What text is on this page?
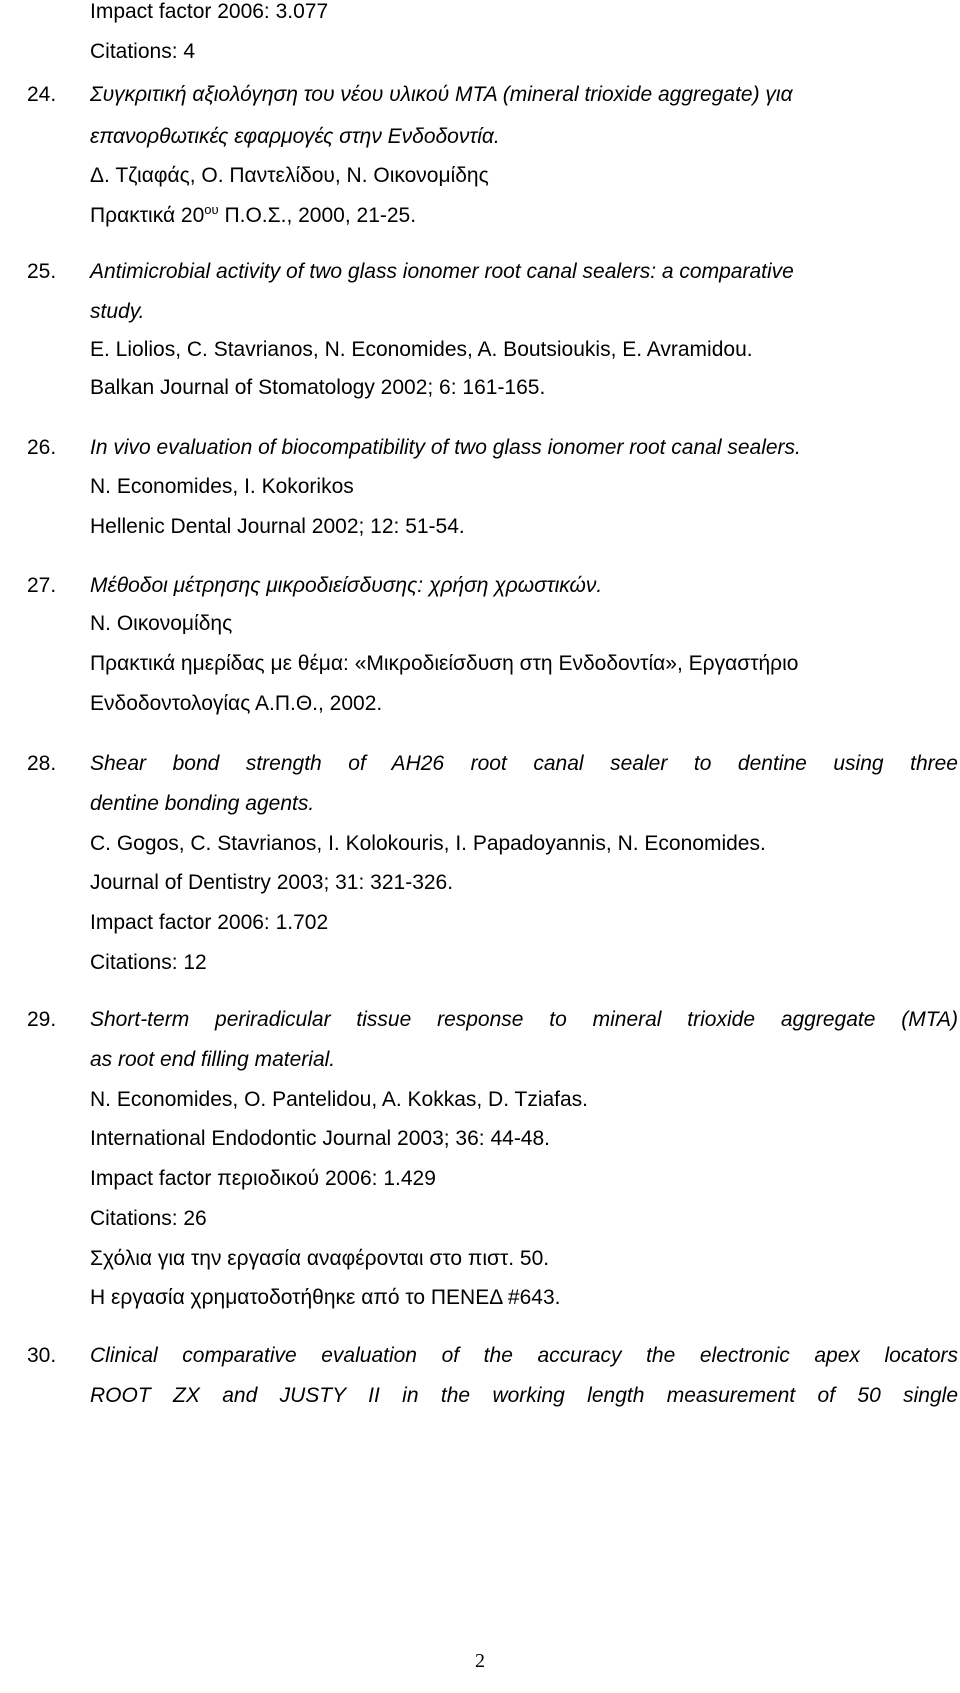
Impact factor 2006: 3.077
Citations: 4
24. Συγκριτική αξιολόγηση του νέου υλικού MTA (mineral trioxide aggregate) για
επανορθωτικές εφαρμογές στην Ενδοδοντία.
Δ. Τζιαφάς, Ο. Παντελίδου, Ν. Οικονομίδης
Πρακτικά $20^{o\upsilon}$ Π.Ο.Σ., 2000, 21-25.
25. Antimicrobial activity of two glass ionomer root canal sealers: a comparative
study.
E. Liolios, C. Stavrianos, N. Economides, A. Boutsioukis, E. Avramidou.
Balkan Journal of Stomatology 2002; 6: 161-165.
26. In vivo evaluation of biocompatibility of two glass ionomer root canal sealers.
N. Economides, I. Kokorikos
Hellenic Dental Journal 2002; 12: 51-54.
27. Μέθοδοι μέτρησης μικροδιείσδυσης: χρήση χρωστικών.
Ν. Οικονομίδης
Πρακτικά ημερίδας με θέμα: «Μικροδιείσδυση στη Ενδοδοντία», Εργαστήριο
Ενδοδοντολογίας Α.Π.Θ., 2002.
28. Shear bond strength of AH26 root canal sealer to dentine using three
dentine bonding agents.
C. Gogos, C. Stavrianos, I. Kolokouris, I. Papadoyannis, N. Economides.
Journal of Dentistry 2003; 31: 321-326.
Impact factor 2006: 1.702
Citations: 12
29. Short-term periradicular tissue response to mineral trioxide aggregate (MTA)
as root end filling material.
N. Economides, O. Pantelidou, A. Kokkas, D. Tziafas.
International Endodontic Journal 2003; 36: 44-48.
Impact factor περιοδικού 2006: 1.429
Citations: 26
Σχόλια για την εργασία αναφέρονται στο πιστ. 50.
Η εργασία χρηματοδοτήθηκε από το ΠΕΝΕΔ #643.
30. Clinical comparative evaluation of the accuracy the electronic apex locators
ROOT ZX and JUSTY II in the working length measurement of 50 single
2
